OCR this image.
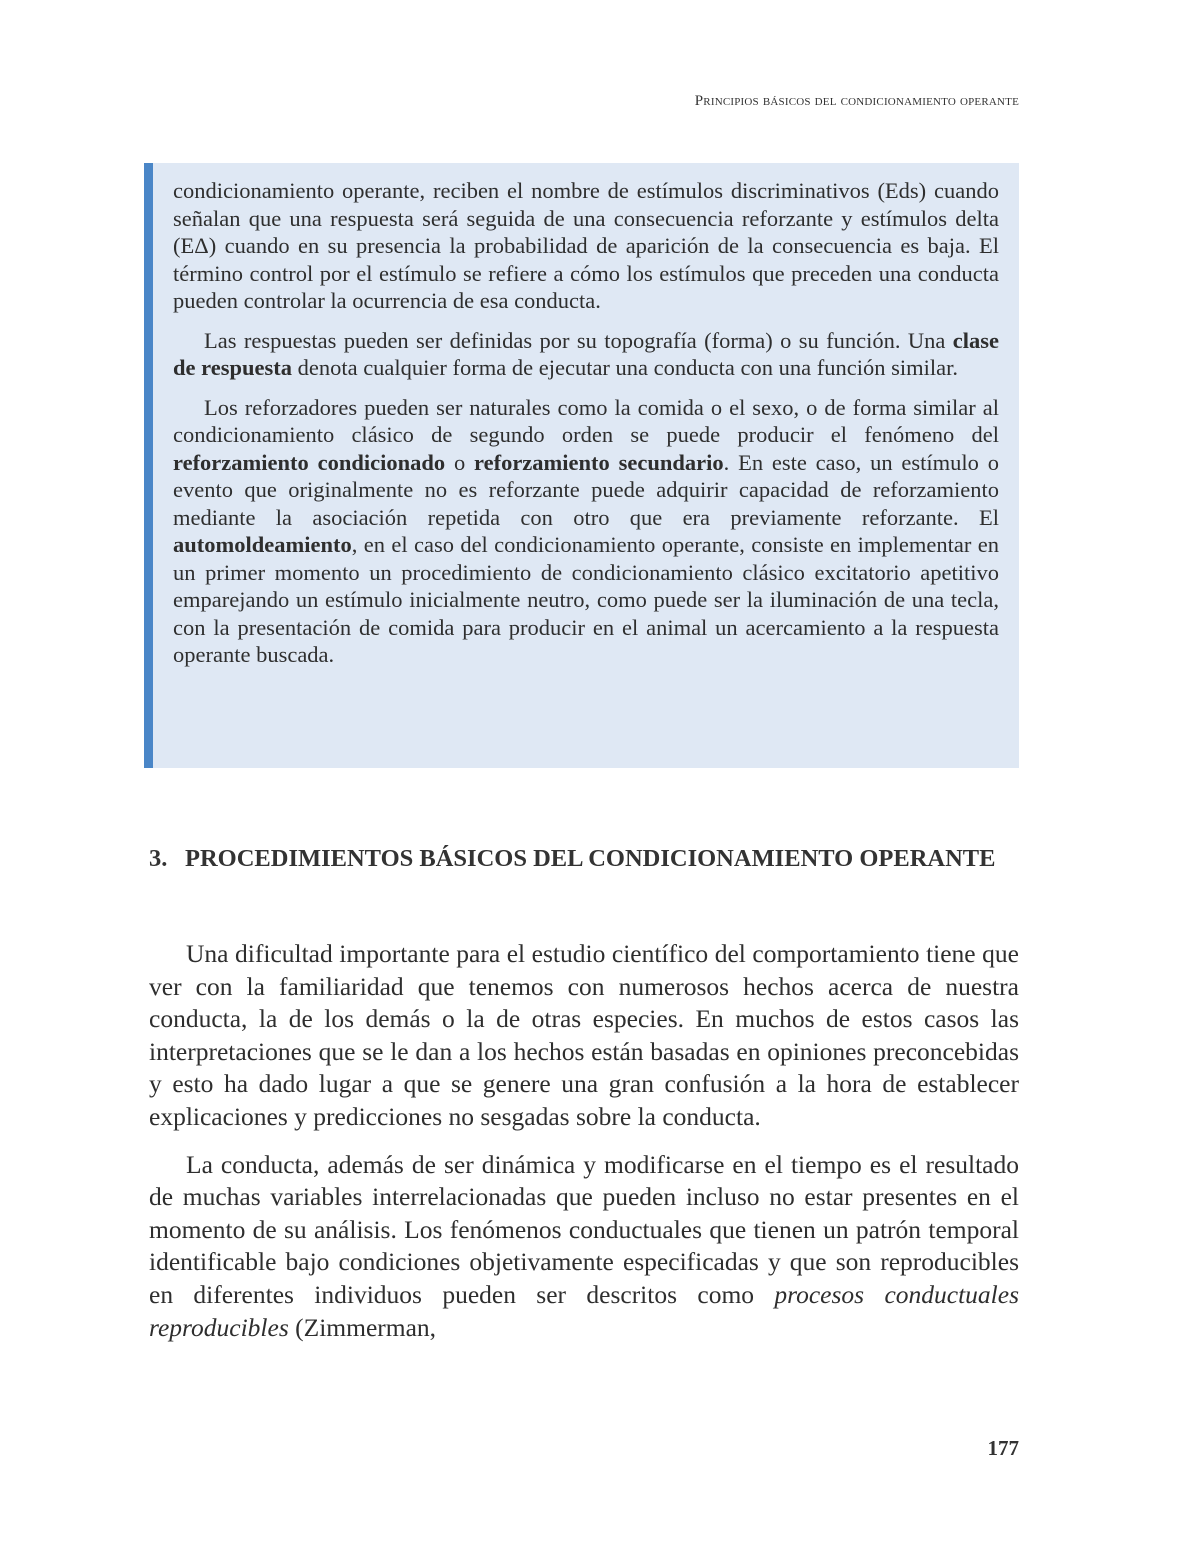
Principios básicos del condicionamiento operante

condicionamiento operante, reciben el nombre de estímulos discriminativos (Eds) cuando señalan que una respuesta será seguida de una consecuencia reforzante y estímulos delta (EΔ) cuando en su presencia la probabilidad de aparición de la consecuencia es baja. El término control por el estímulo se refiere a cómo los estímulos que preceden una conducta pueden controlar la ocurrencia de esa conducta.

Las respuestas pueden ser definidas por su topografía (forma) o su función. Una clase de respuesta denota cualquier forma de ejecutar una conducta con una función similar.

Los reforzadores pueden ser naturales como la comida o el sexo, o de forma similar al condicionamiento clásico de segundo orden se puede producir el fenómeno del reforzamiento condicionado o reforzamiento secundario. En este caso, un estímulo o evento que originalmente no es reforzante puede adquirir capacidad de reforzamiento mediante la asociación repetida con otro que era previamente reforzante. El automoldeamiento, en el caso del condicionamiento operante, consiste en implementar en un primer momento un procedimiento de condicionamiento clásico excitatorio apetitivo emparejando un estímulo inicialmente neutro, como puede ser la iluminación de una tecla, con la presentación de comida para producir en el animal un acercamiento a la respuesta operante buscada.

3. PROCEDIMIENTOS BÁSICOS DEL CONDICIONAMIENTO OPERANTE

Una dificultad importante para el estudio científico del comportamiento tiene que ver con la familiaridad que tenemos con numerosos hechos acerca de nuestra conducta, la de los demás o la de otras especies. En muchos de estos casos las interpretaciones que se le dan a los hechos están basadas en opiniones preconcebidas y esto ha dado lugar a que se genere una gran confusión a la hora de establecer explicaciones y predicciones no sesgadas sobre la conducta.

La conducta, además de ser dinámica y modificarse en el tiempo es el resultado de muchas variables interrelacionadas que pueden incluso no estar presentes en el momento de su análisis. Los fenómenos conductuales que tienen un patrón temporal identificable bajo condiciones objetivamente especificadas y que son reproducibles en diferentes individuos pueden ser descritos como procesos conductuales reproducibles (Zimmerman,

177
